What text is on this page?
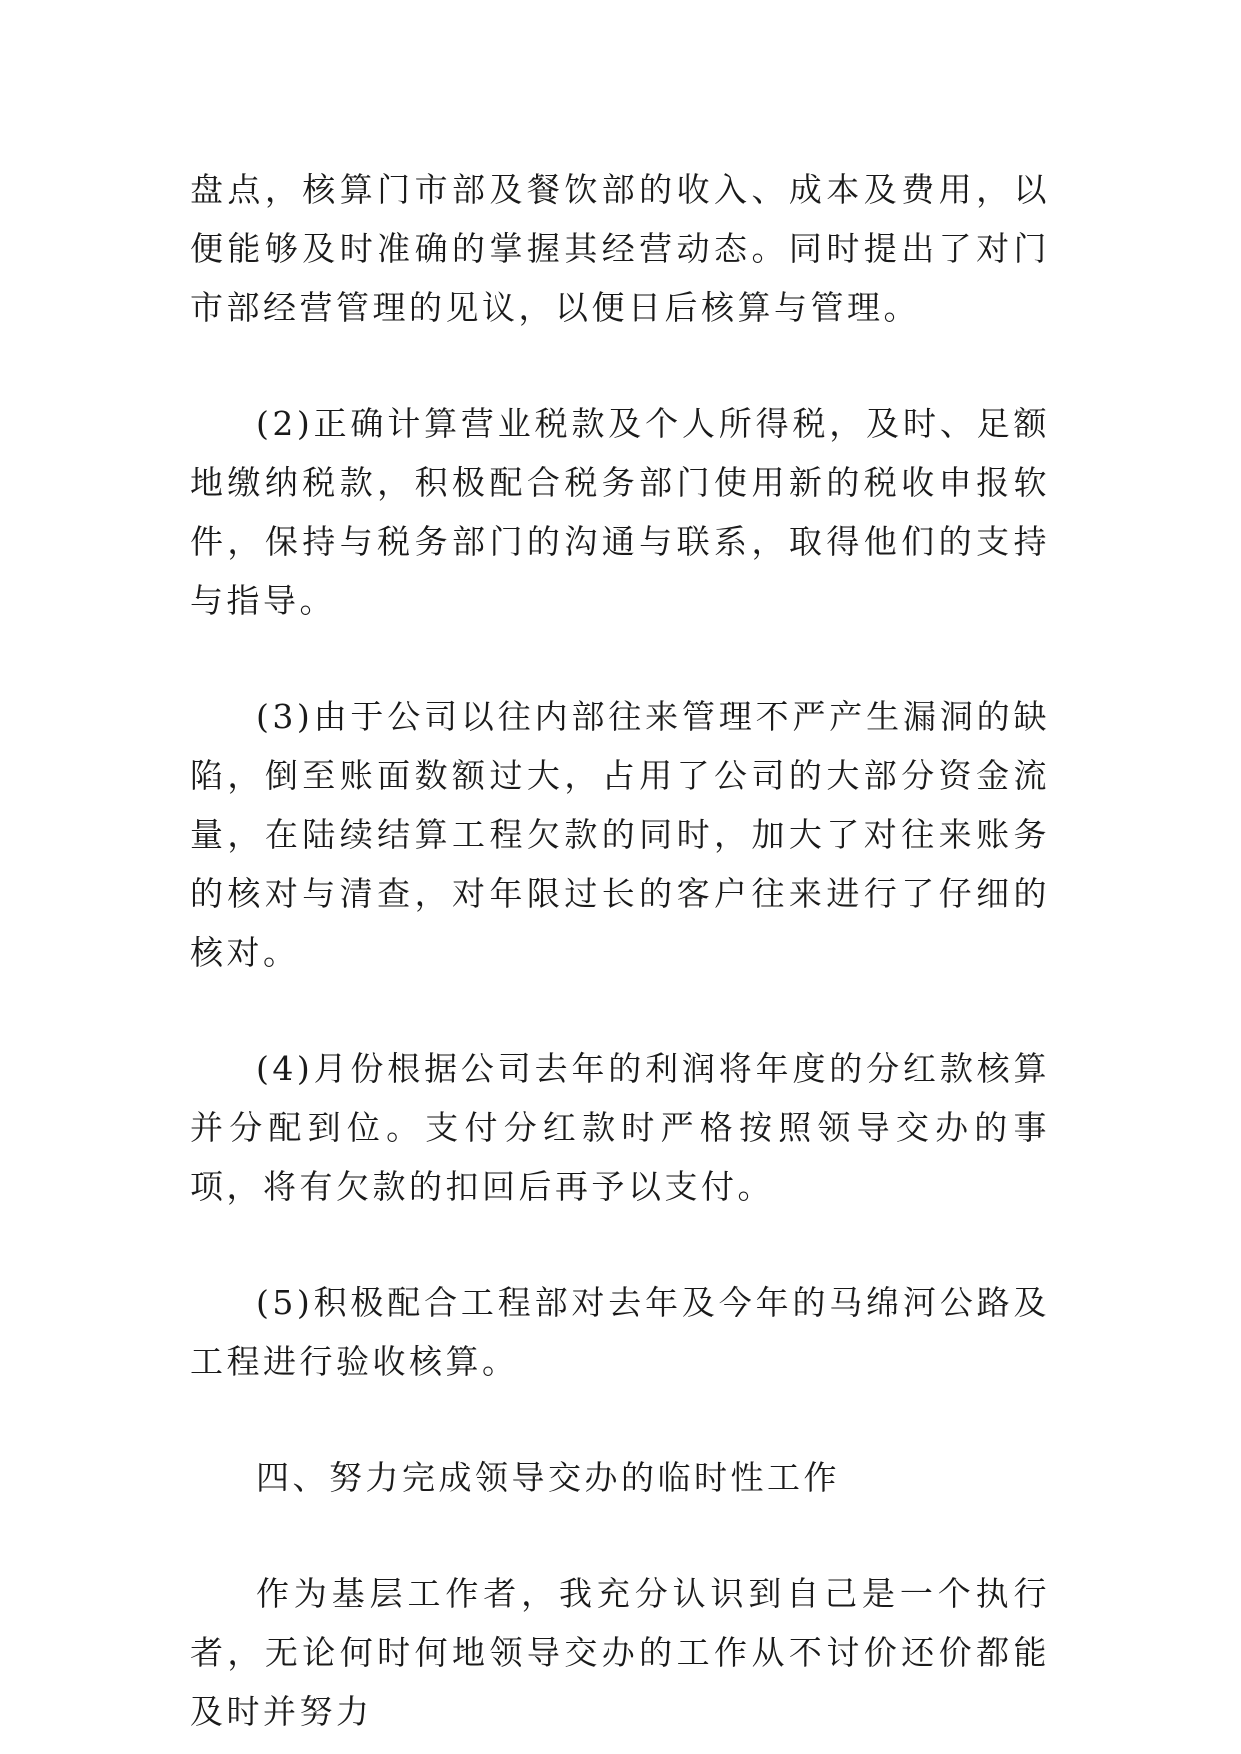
盘点，核算门市部及餐饮部的收入、成本及费用，以便能够及时准确的掌握其经营动态。同时提出了对门市部经营管理的见议，以便日后核算与管理。

(2)正确计算营业税款及个人所得税，及时、足额地缴纳税款，积极配合税务部门使用新的税收申报软件，保持与税务部门的沟通与联系，取得他们的支持与指导。

(3)由于公司以往内部往来管理不严产生漏洞的缺陷，倒至账面数额过大，占用了公司的大部分资金流量，在陆续结算工程欠款的同时，加大了对往来账务的核对与清查，对年限过长的客户往来进行了仔细的核对。

(4)月份根据公司去年的利润将年度的分红款核算并分配到位。支付分红款时严格按照领导交办的事项，将有欠款的扣回后再予以支付。

(5)积极配合工程部对去年及今年的马绵河公路及工程进行验收核算。

四、努力完成领导交办的临时性工作

作为基层工作者，我充分认识到自己是一个执行者，无论何时何地领导交办的工作从不讨价还价都能及时并努力
